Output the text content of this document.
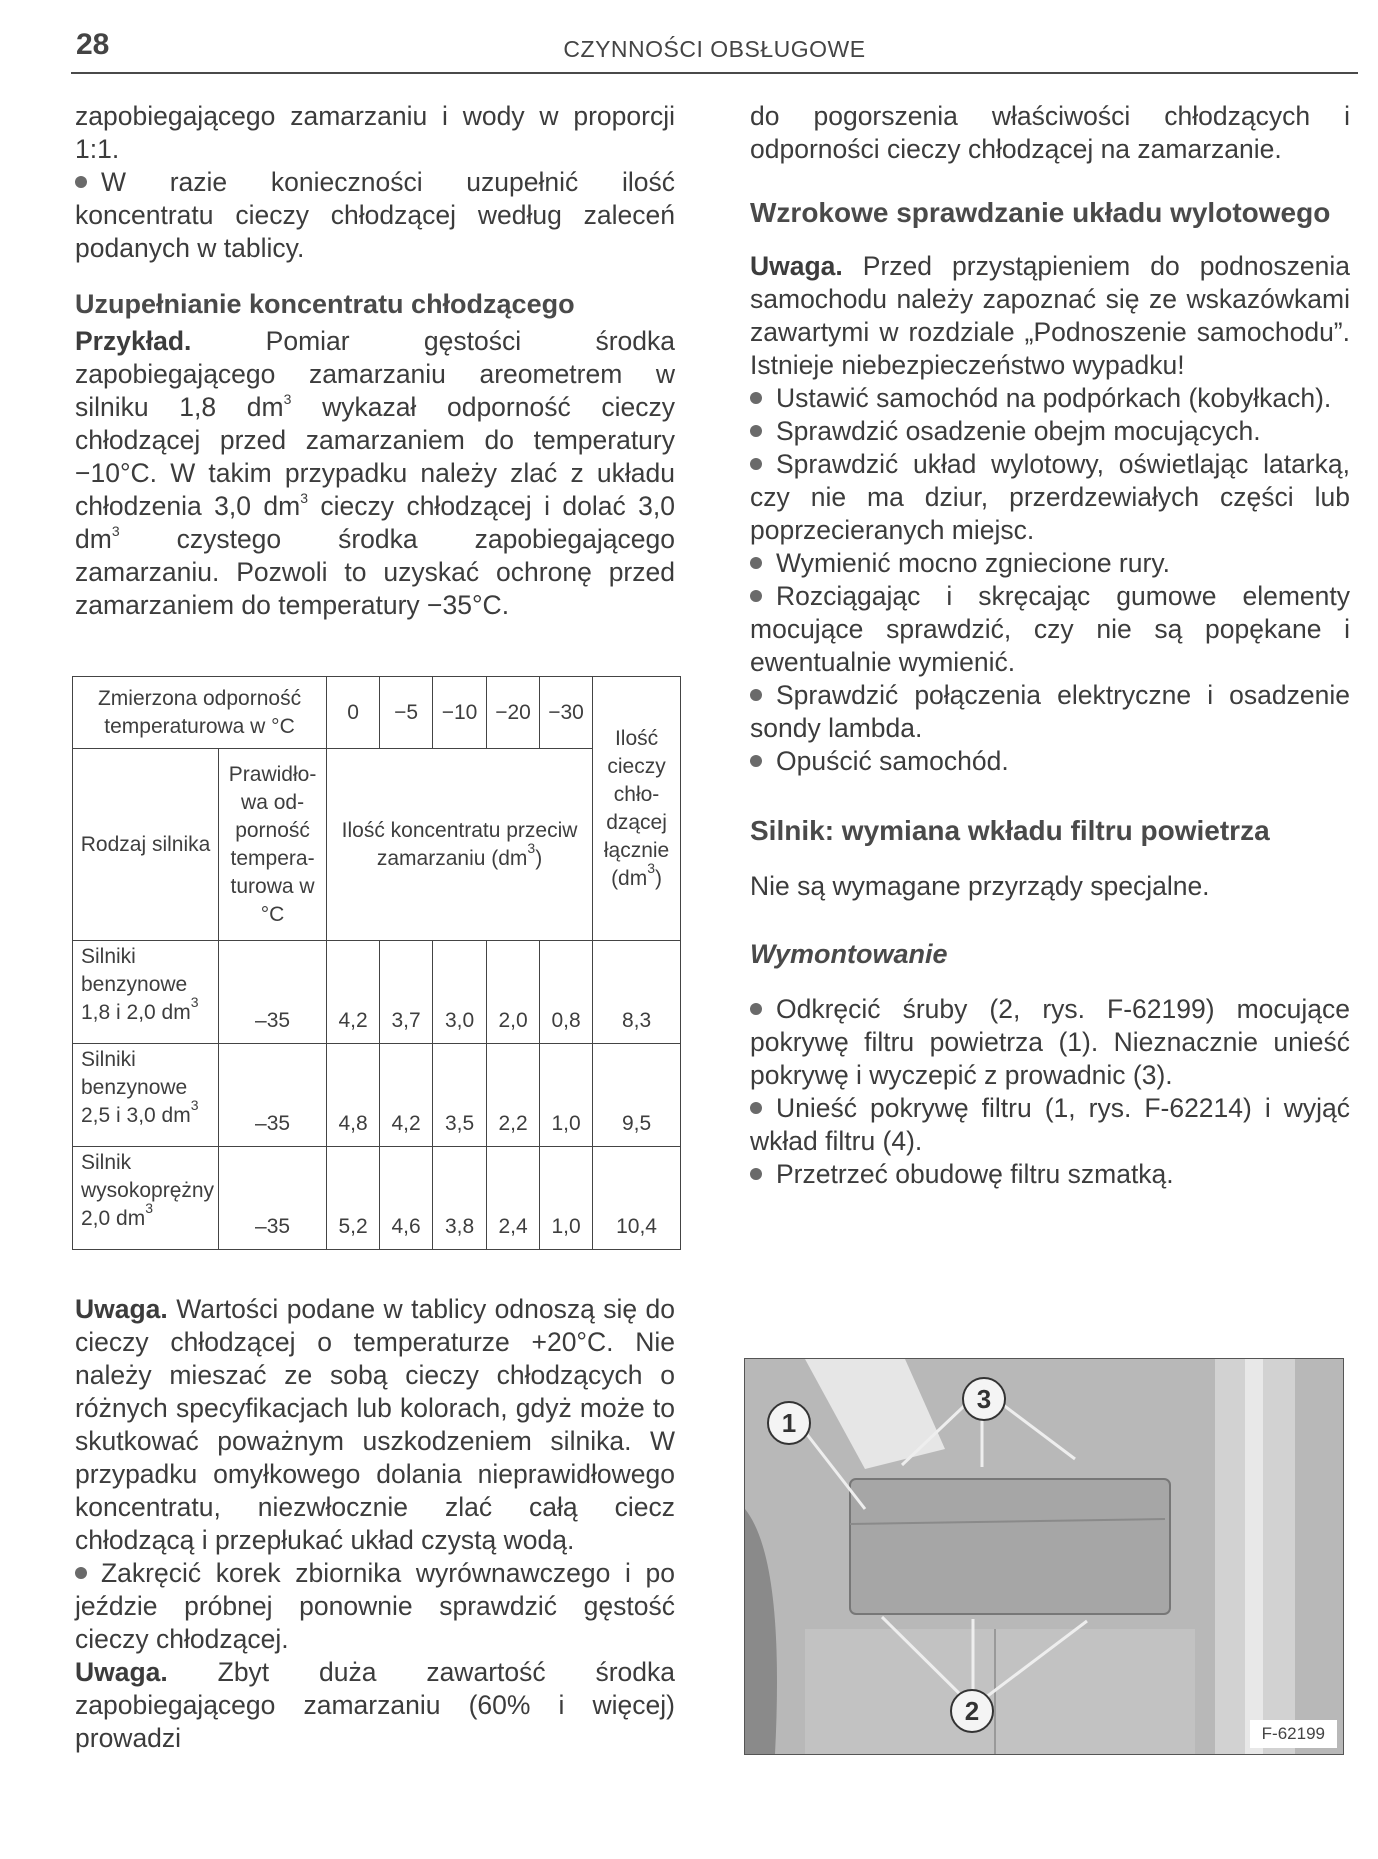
28	CZYNNOŚCI OBSŁUGOWE

zapobiegającego zamarzaniu i wody w proporcji 1:1.

W razie konieczności uzupełnić ilość koncentratu cieczy chłodzącej według zaleceń podanych w tablicy.

Uzupełnianie koncentratu chłodzącego

Przykład. Pomiar gęstości środka zapobiegającego zamarzaniu areometrem w silniku 1,8 $dm^3$ wykazał odporność cieczy chłodzącej przed zamarzaniem do temperatury −10°C. W takim przypadku należy zlać z układu chłodzenia 3,0 $dm^3$ cieczy chłodzącej i dolać 3,0 $dm^3$ czystego środka zapobiegającego zamarzaniu. Pozwoli to uzyskać ochronę przed zamarzaniem do temperatury −35°C.

Zmierzona odporność temperaturowa w °C		0	−5	−10	−20	−30	Ilość cieczy chło-dzącej łącznie $(dm^3)$
Rodzaj silnika	Prawidło-wa od-porność tempera-turowa w °C	Ilość koncentratu przeciw zamarzaniu $(dm^3)$					
Silniki benzynowe 1,8 i 2,0 $dm^3$	–35	4,2	3,7	3,0	2,0	0,8	8,3
Silniki benzynowe 2,5 i 3,0 $dm^3$	–35	4,8	4,2	3,5	2,2	1,0	9,5
Silnik wysokoprężny 2,0 $dm^3$	–35	5,2	4,6	3,8	2,4	1,0	10,4

Uwaga. Wartości podane w tablicy odnoszą się do cieczy chłodzącej o temperaturze +20°C. Nie należy mieszać ze sobą cieczy chłodzących o różnych specyfikacjach lub kolorach, gdyż może to skutkować poważnym uszkodzeniem silnika. W przypadku omyłkowego dolania nieprawidłowego koncentratu, niezwłocznie zlać całą ciecz chłodzącą i przepłukać układ czystą wodą.

Zakręcić korek zbiornika wyrównawczego i po jeździe próbnej ponownie sprawdzić gęstość cieczy chłodzącej.

Uwaga. Zbyt duża zawartość środka zapobiegającego zamarzaniu (60% i więcej) prowadzi

do pogorszenia właściwości chłodzących i odporności cieczy chłodzącej na zamarzanie.

Wzrokowe sprawdzanie układu wylotowego

Uwaga. Przed przystąpieniem do podnoszenia samochodu należy zapoznać się ze wskazówkami zawartymi w rozdziale „Podnoszenie samochodu”. Istnieje niebezpieczeństwo wypadku!

Ustawić samochód na podpórkach (kobyłkach).

Sprawdzić osadzenie obejm mocujących.

Sprawdzić układ wylotowy, oświetlając latarką, czy nie ma dziur, przerdzewiałych części lub poprzecieranych miejsc.

Wymienić mocno zgniecione rury.

Rozciągając i skręcając gumowe elementy mocujące sprawdzić, czy nie są popękane i ewentualnie wymienić.

Sprawdzić połączenia elektryczne i osadzenie sondy lambda.

Opuścić samochód.

Silnik: wymiana wkładu filtru powietrza

Nie są wymagane przyrządy specjalne.

Wymontowanie

Odkręcić śruby (2, rys. F-62199) mocujące pokrywę filtru powietrza (1). Nieznacznie unieść pokrywę i wyczepić z prowadnic (3).

Unieść pokrywę filtru (1, rys. F-62214) i wyjąć wkład filtru (4).

Przetrzeć obudowę filtru szmatką.

1
2
3
F-62199
